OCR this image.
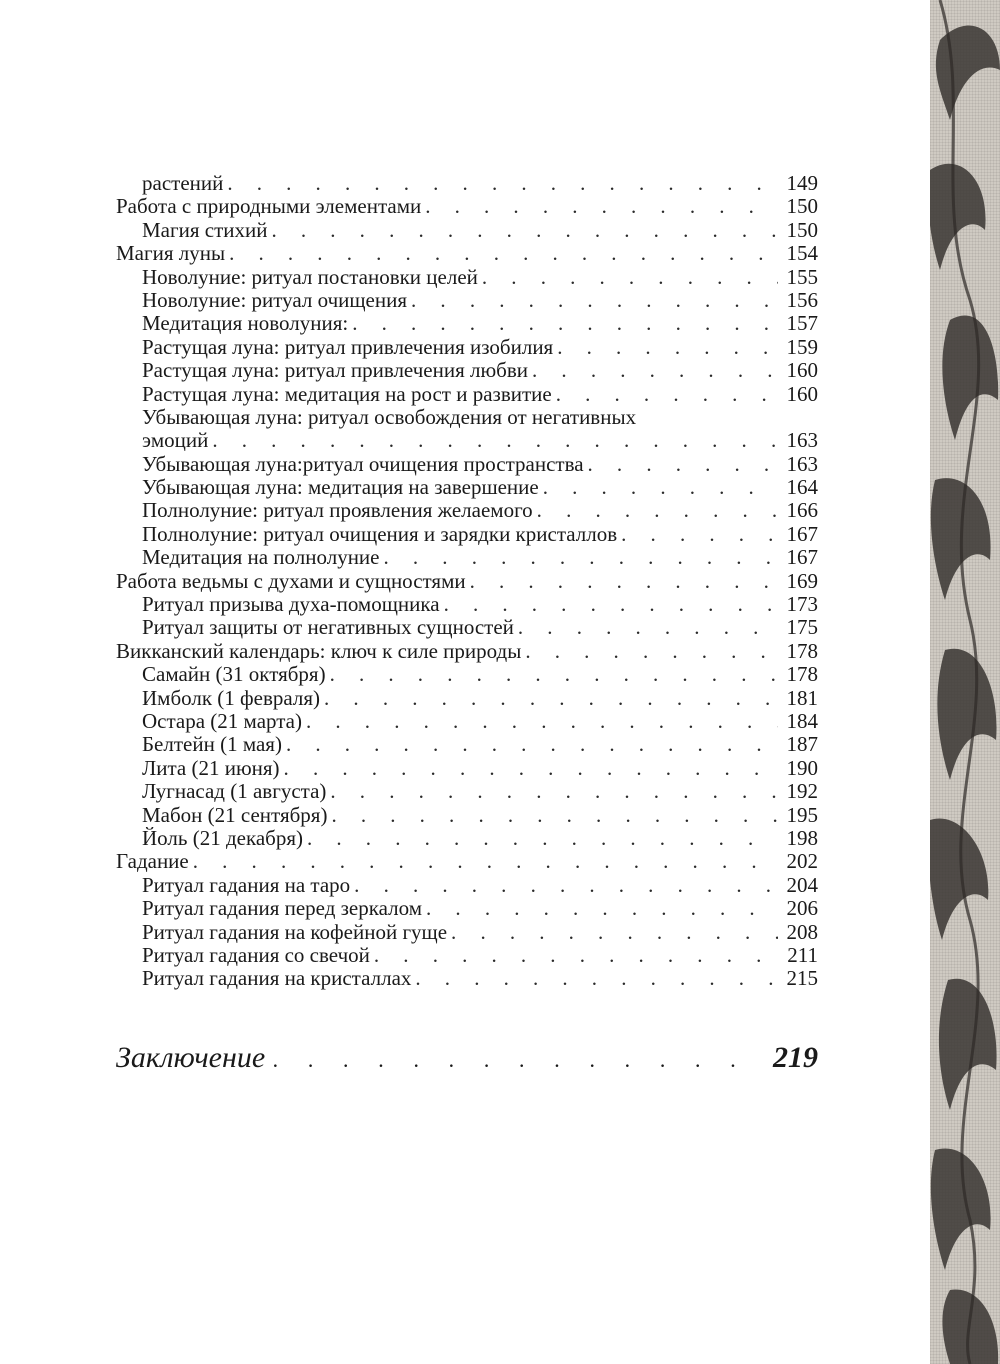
растений . . .	149
Работа с природными элементами . . .	150
Магия стихий . . .	150
Магия луны . . .	154
Новолуние: ритуал постановки целей . . .	155
Новолуние: ритуал очищения . . .	156
Медитация новолуния: . . .	157
Растущая луна: ритуал привлечения изобилия . . .	159
Растущая луна: ритуал привлечения любви . . .	160
Растущая луна: медитация на рост и развитие . . .	160
Убывающая луна: ритуал освобождения от негативных
эмоций . . .	163
Убывающая луна:ритуал очищения пространства . . .	163
Убывающая луна: медитация на завершение . . .	164
Полнолуние: ритуал проявления желаемого . . .	166
Полнолуние: ритуал очищения и зарядки кристаллов . . .	167
Медитация на полнолуние . . .	167
Работа ведьмы с духами и сущностями . . .	169
Ритуал призыва духа-помощника . . .	173
Ритуал защиты от негативных сущностей . . .	175
Викканский календарь: ключ к силе природы . . .	178
Самайн (31 октября) . . .	178
Имболк (1 февраля) . . .	181
Остара (21 марта) . . .	184
Белтейн (1 мая) . . .	187
Лита (21 июня) . . .	190
Лугнасад (1 августа) . . .	192
Мабон (21 сентября) . . .	195
Йоль (21 декабря) . . .	198
Гадание . . .	202
Ритуал гадания на таро . . .	204
Ритуал гадания перед зеркалом . . .	206
Ритуал гадания на кофейной гуще . . .	208
Ритуал гадания со свечой . . .	211
Ритуал гадания на кристаллах . . .	215
Заключение . . .	219
